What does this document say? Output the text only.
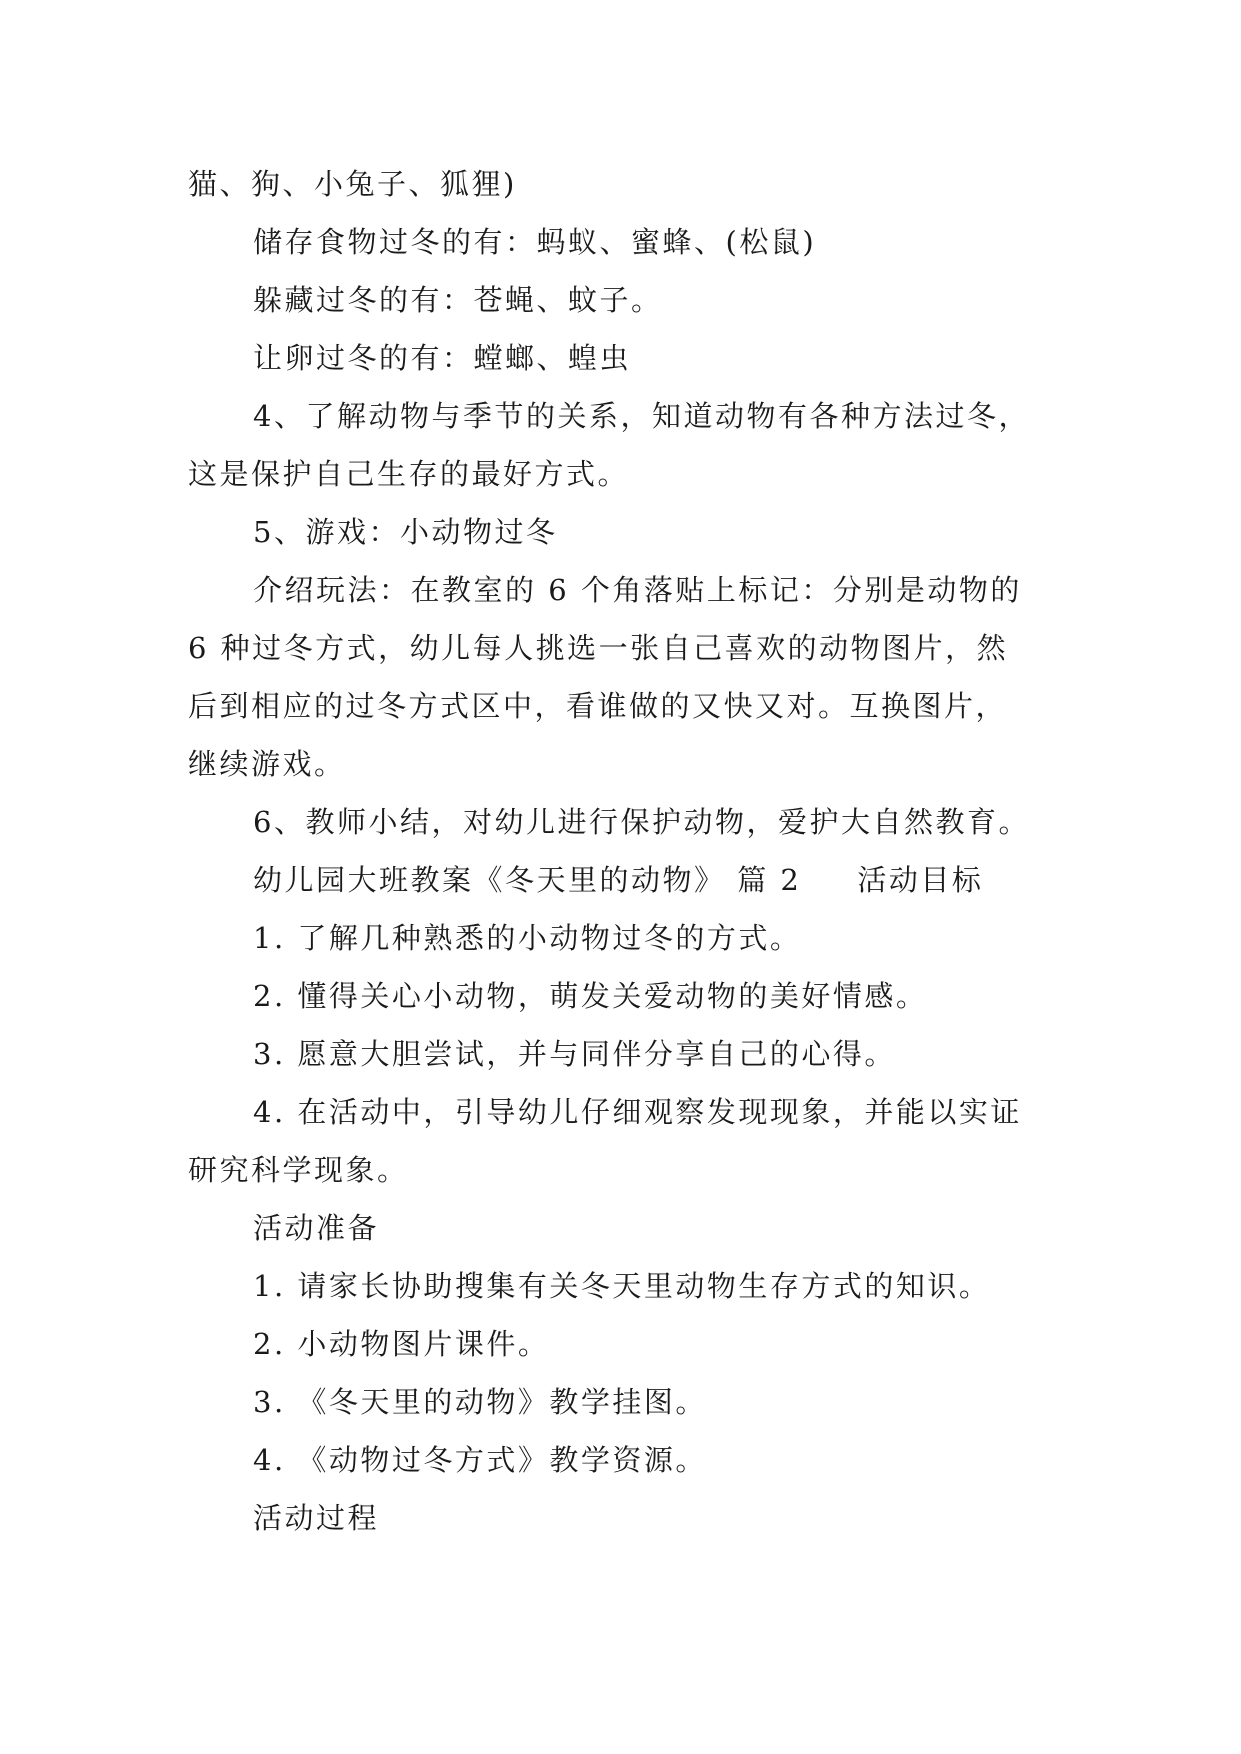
猫、狗、小兔子、狐狸)
储存食物过冬的有：蚂蚁、蜜蜂、(松鼠)
躲藏过冬的有：苍蝇、蚊子。
让卵过冬的有：螳螂、蝗虫
4、了解动物与季节的关系，知道动物有各种方法过冬，
这是保护自己生存的最好方式。
5、游戏：小动物过冬
介绍玩法：在教室的 6 个角落贴上标记：分别是动物的
6 种过冬方式，幼儿每人挑选一张自己喜欢的动物图片，然
后到相应的过冬方式区中，看谁做的又快又对。互换图片，
继续游戏。
6、教师小结，对幼儿进行保护动物，爱护大自然教育。
幼儿园大班教案《冬天里的动物》 篇 2 活动目标
1. 了解几种熟悉的小动物过冬的方式。
2. 懂得关心小动物，萌发关爱动物的美好情感。
3. 愿意大胆尝试，并与同伴分享自己的心得。
4. 在活动中，引导幼儿仔细观察发现现象，并能以实证
研究科学现象。
活动准备
1. 请家长协助搜集有关冬天里动物生存方式的知识。
2. 小动物图片课件。
3. 《冬天里的动物》教学挂图。
4. 《动物过冬方式》教学资源。
活动过程
